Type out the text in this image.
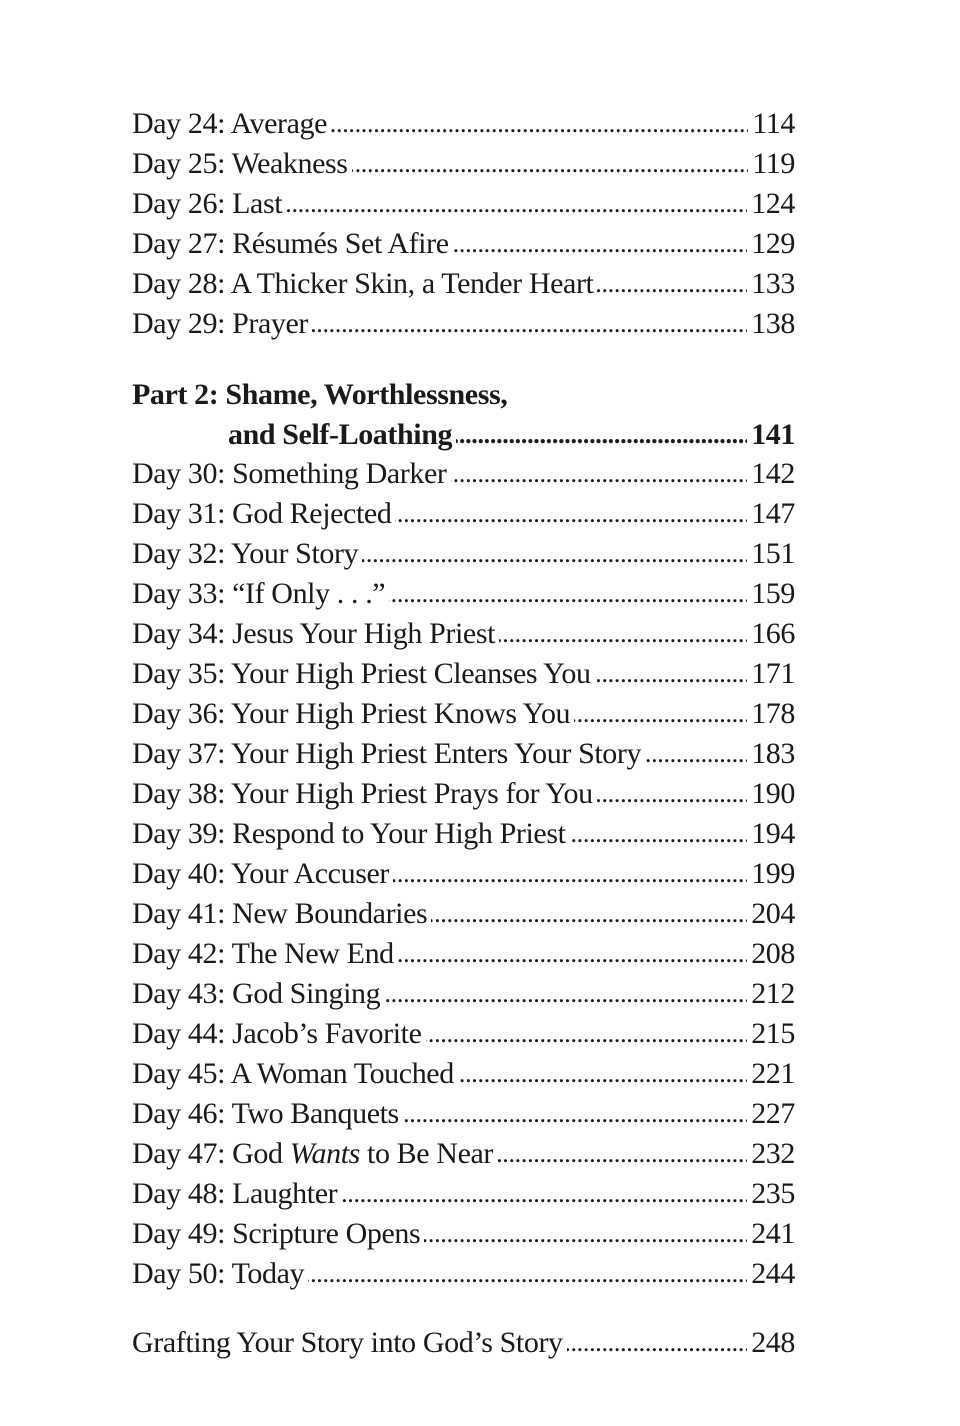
Day 24: Average . . .	114
Day 25: Weakness . . .	119
Day 26: Last . . .	124
Day 27: Résumés Set Afire . . .	129
Day 28: A Thicker Skin, a Tender Heart . . .	133
Day 29: Prayer . . .	138
Part 2: Shame, Worthlessness,
and Self-Loathing . . .	141
Day 30: Something Darker . . .	142
Day 31: God Rejected . . .	147
Day 32: Your Story . . .	151
Day 33: “If Only . . .” . . .	159
Day 34: Jesus Your High Priest . . .	166
Day 35: Your High Priest Cleanses You . . .	171
Day 36: Your High Priest Knows You . . .	178
Day 37: Your High Priest Enters Your Story . . .	183
Day 38: Your High Priest Prays for You . . .	190
Day 39: Respond to Your High Priest . . .	194
Day 40: Your Accuser . . .	199
Day 41: New Boundaries . . .	204
Day 42: The New End . . .	208
Day 43: God Singing . . .	212
Day 44: Jacob’s Favorite . . .	215
Day 45: A Woman Touched . . .	221
Day 46: Two Banquets . . .	227
Day 47: God Wants to Be Near . . .	232
Day 48: Laughter . . .	235
Day 49: Scripture Opens . . .	241
Day 50: Today . . .	244
Grafting Your Story into God’s Story . . .	248
